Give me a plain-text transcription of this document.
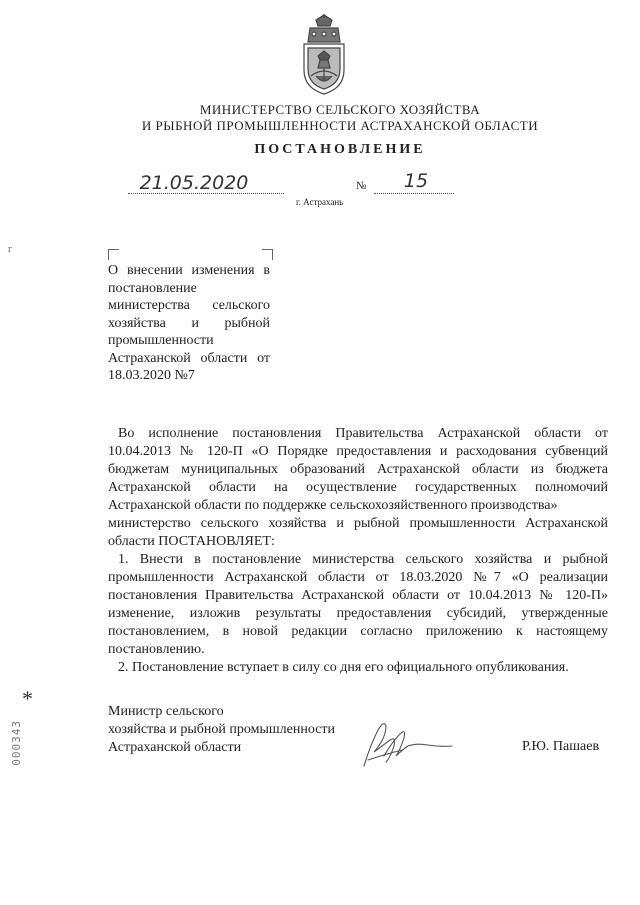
МИНИСТЕРСТВО СЕЛЬСКОГО ХОЗЯЙСТВА
И РЫБНОЙ ПРОМЫШЛЕННОСТИ АСТРАХАНСКОЙ ОБЛАСТИ
ПОСТАНОВЛЕНИЕ
21.05.2020	№	15
г. Астрахань
г
О внесении изменения в постановление министерства сельского хозяйства и рыбной промышленности Астраханской области от 18.03.2020 №7

Во исполнение постановления Правительства Астраханской области от 10.04.2013 № 120-П «О Порядке предоставления и расходования субвенций бюджетам муниципальных образований Астраханской области из бюджета Астраханской области на осуществление государственных полномочий Астраханской области по поддержке сельскохозяйственного производства»

министерство сельского хозяйства и рыбной промышленности Астраханской области ПОСТАНОВЛЯЕТ:

1. Внести в постановление министерства сельского хозяйства и рыбной промышленности Астраханской области от 18.03.2020 №7 «О реализации постановления Правительства Астраханской области от 10.04.2013 № 120-П» изменение, изложив результаты предоставления субсидий, утвержденные постановлением, в новой редакции согласно приложению к настоящему постановлению.

2. Постановление вступает в силу со дня его официального опубликования.

*
000343
Министр сельского
хозяйства и рыбной промышленности
Астраханской области	Р.Ю. Пашаев
